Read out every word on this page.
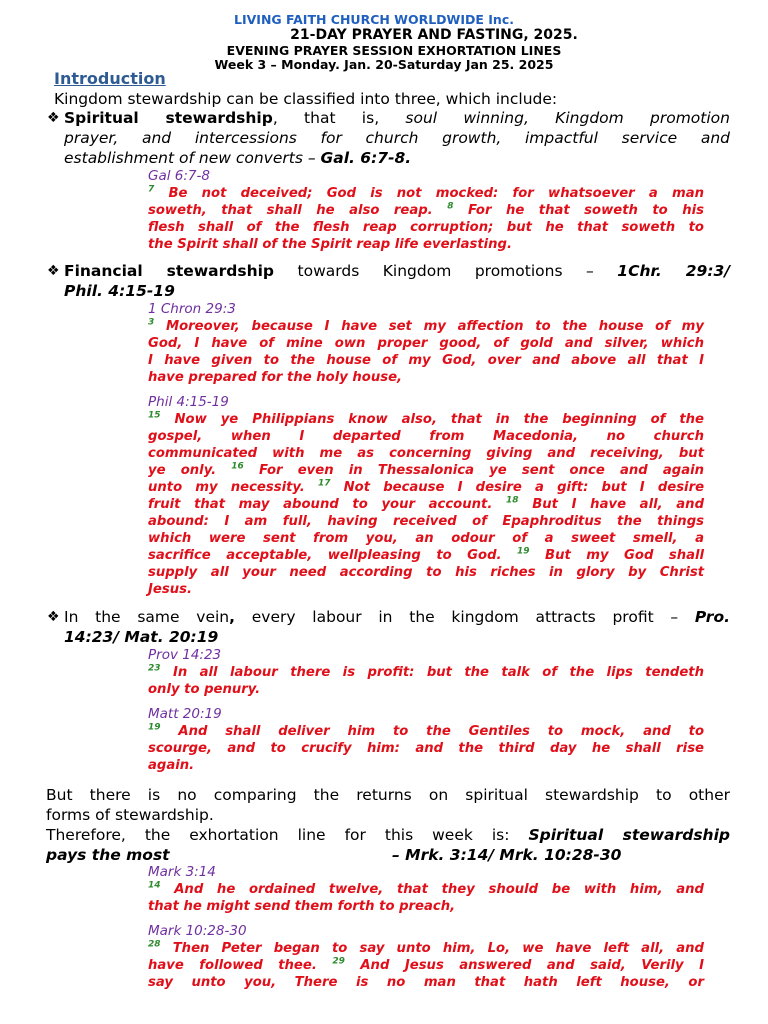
LIVING FAITH CHURCH WORLDWIDE Inc.
21-DAY PRAYER AND FASTING, 2025.
EVENING PRAYER SESSION EXHORTATION LINES
Week 3 – Monday. Jan. 20-Saturday Jan 25. 2025
Introduction
Kingdom stewardship can be classified into three, which include:
❖ Spiritual stewardship, that is, soul winning, Kingdom promotion
prayer, and intercessions for church growth, impactful service and
establishment of new converts – Gal. 6:7-8.
Gal 6:7-8
$^7$ Be not deceived; God is not mocked: for whatsoever a man
soweth, that shall he also reap. $^8$ For he that soweth to his
flesh shall of the flesh reap corruption; but he that soweth to
the Spirit shall of the Spirit reap life everlasting.
❖ Financial stewardship towards Kingdom promotions – 1Chr. 29:3/
Phil. 4:15-19
1 Chron 29:3
$^3$ Moreover, because I have set my affection to the house of my
God, I have of mine own proper good, of gold and silver, which
I have given to the house of my God, over and above all that I
have prepared for the holy house,
Phil 4:15-19
$^{15}$ Now ye Philippians know also, that in the beginning of the
gospel, when I departed from Macedonia, no church
communicated with me as concerning giving and receiving, but
ye only. $^{16}$ For even in Thessalonica ye sent once and again
unto my necessity. $^{17}$ Not because I desire a gift: but I desire
fruit that may abound to your account. $^{18}$ But I have all, and
abound: I am full, having received of Epaphroditus the things
which were sent from you, an odour of a sweet smell, a
sacrifice acceptable, wellpleasing to God. $^{19}$ But my God shall
supply all your need according to his riches in glory by Christ
Jesus.
❖ In the same vein, every labour in the kingdom attracts profit – Pro.
14:23/ Mat. 20:19
Prov 14:23
$^{23}$ In all labour there is profit: but the talk of the lips tendeth
only to penury.
Matt 20:19
$^{19}$ And shall deliver him to the Gentiles to mock, and to
scourge, and to crucify him: and the third day he shall rise
again.
But there is no comparing the returns on spiritual stewardship to other
forms of stewardship.
Therefore, the exhortation line for this week is: Spiritual stewardship
pays the most	– Mrk. 3:14/ Mrk. 10:28-30
Mark 3:14
$^{14}$ And he ordained twelve, that they should be with him, and
that he might send them forth to preach,
Mark 10:28-30
$^{28}$ Then Peter began to say unto him, Lo, we have left all, and
have followed thee. $^{29}$ And Jesus answered and said, Verily I
say unto you, There is no man that hath left house, or
